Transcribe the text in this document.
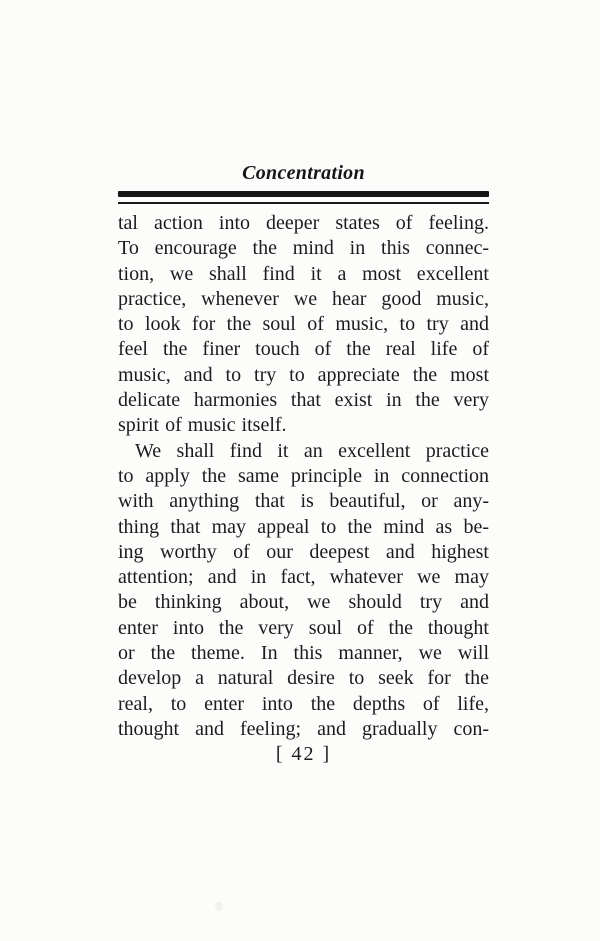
Concentration
tal action into deeper states of feeling.
To encourage the mind in this connec-
tion, we shall find it a most excellent
practice, whenever we hear good music,
to look for the soul of music, to try and
feel the finer touch of the real life of
music, and to try to appreciate the most
delicate harmonies that exist in the very
spirit of music itself.
We shall find it an excellent practice
to apply the same principle in connection
with anything that is beautiful, or any-
thing that may appeal to the mind as be-
ing worthy of our deepest and highest
attention; and in fact, whatever we may
be thinking about, we should try and
enter into the very soul of the thought
or the theme. In this manner, we will
develop a natural desire to seek for the
real, to enter into the depths of life,
thought and feeling; and gradually con-
[ 42 ]
